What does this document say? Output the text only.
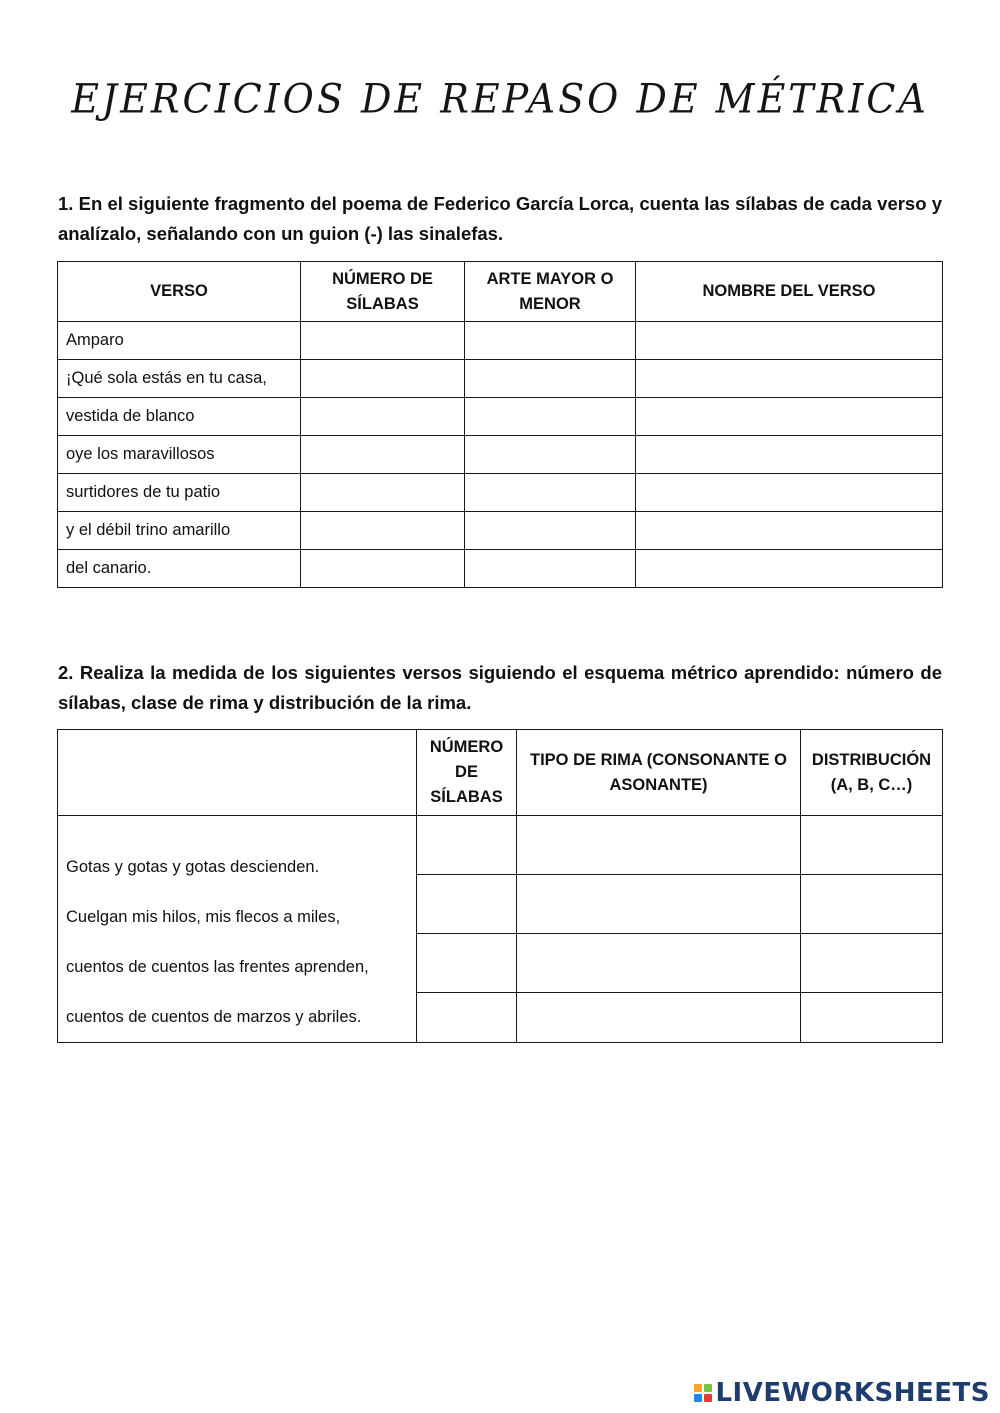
EJERCICIOS DE REPASO DE MÉTRICA

1. En el siguiente fragmento del poema de Federico García Lorca, cuenta las sílabas de cada verso y analízalo, señalando con un guion (-) las sinalefas.

VERSO	NÚMERO DE SÍLABAS	ARTE MAYOR O MENOR	NOMBRE DEL VERSO
Amparo			
¡Qué sola estás en tu casa,			
vestida de blanco			
oye los maravillosos			
surtidores de tu patio			
y el débil trino amarillo			
del canario.			

2. Realiza la medida de los siguientes versos siguiendo el esquema métrico aprendido: número de sílabas, clase de rima y distribución de la rima.

	NÚMERO DE SÍLABAS	TIPO DE RIMA (CONSONANTE O ASONANTE)	DISTRIBUCIÓN (A, B, C…)

Gotas y gotas y gotas descienden.
Cuelgan mis hilos, mis flecos a miles,
cuentos de cuentos las frentes aprenden,
cuentos de cuentos de marzos y abriles.			

LIVEWORKSHEETS
